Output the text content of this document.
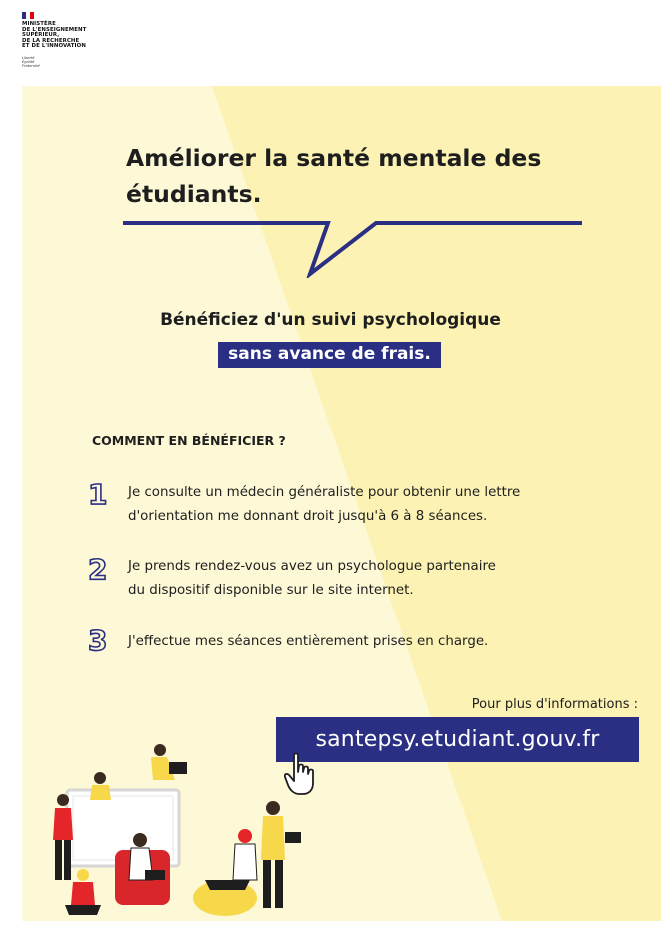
MINISTÈRE
DE L'ENSEIGNEMENT
SUPÉRIEUR,
DE LA RECHERCHE
ET DE L'INNOVATION
Liberté
Égalité
Fraternité
Améliorer la santé mentale des
étudiants.
Bénéficiez d'un suivi psychologique
sans avance de frais.
COMMENT EN BÉNÉFICIER ?
1 Je consulte un médecin généraliste pour obtenir une lettre
d'orientation me donnant droit jusqu'à 6 à 8 séances.
2 Je prends rendez-vous avez un psychologue partenaire
du dispositif disponible sur le site internet.
3 J'effectue mes séances entièrement prises en charge.
Pour plus d'informations :
santepsy.etudiant.gouv.fr
